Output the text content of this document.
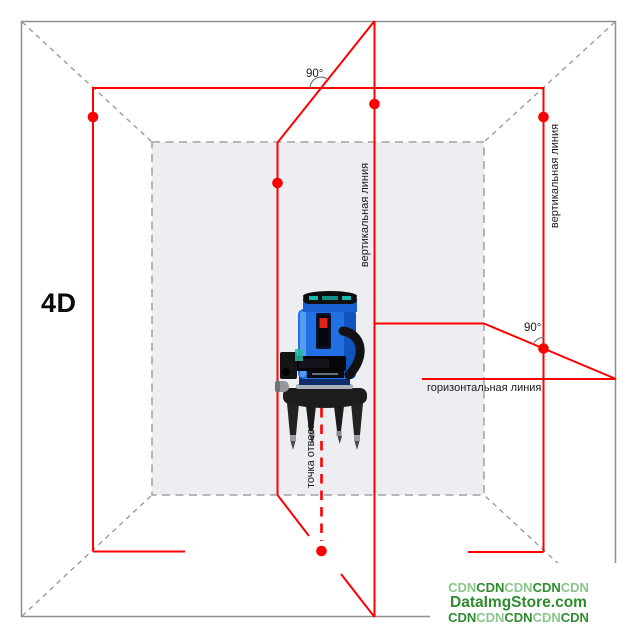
4D
90°
90°
вертикальная линия	вертикальная линия
точка отвеса
горизонтальная линия
CDNCDNCDNCDNCDN
DataImgStore.com
CDNCDNCDNCDNCDN
